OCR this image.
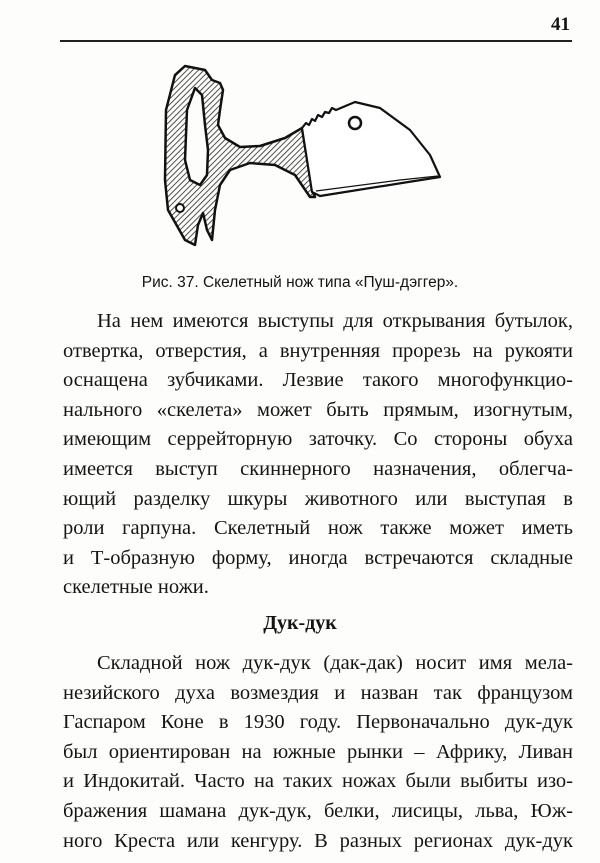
41
Рис. 37. Скелетный нож типа «Пуш-дэггер».
На нем имеются выступы для открывания бутылок,
отвертка, отверстия, а внутренняя прорезь на рукояти
оснащена зубчиками. Лезвие такого многофункцио-
нального «скелета» может быть прямым, изогнутым,
имеющим серрейторную заточку. Со стороны обуха
имеется выступ скиннерного назначения, облегча-
ющий разделку шкуры животного или выступая в
роли гарпуна. Скелетный нож также может иметь
и Т-образную форму, иногда встречаются складные
скелетные ножи.
Дук-дук
Складной нож дук-дук (дак-дак) носит имя мела-
незийского духа возмездия и назван так французом
Гаспаром Коне в 1930 году. Первоначально дук-дук
был ориентирован на южные рынки – Африку, Ливан
и Индокитай. Часто на таких ножах были выбиты изо-
бражения шамана дук-дук, белки, лисицы, льва, Юж-
ного Креста или кенгуру. В разных регионах дук-дук
